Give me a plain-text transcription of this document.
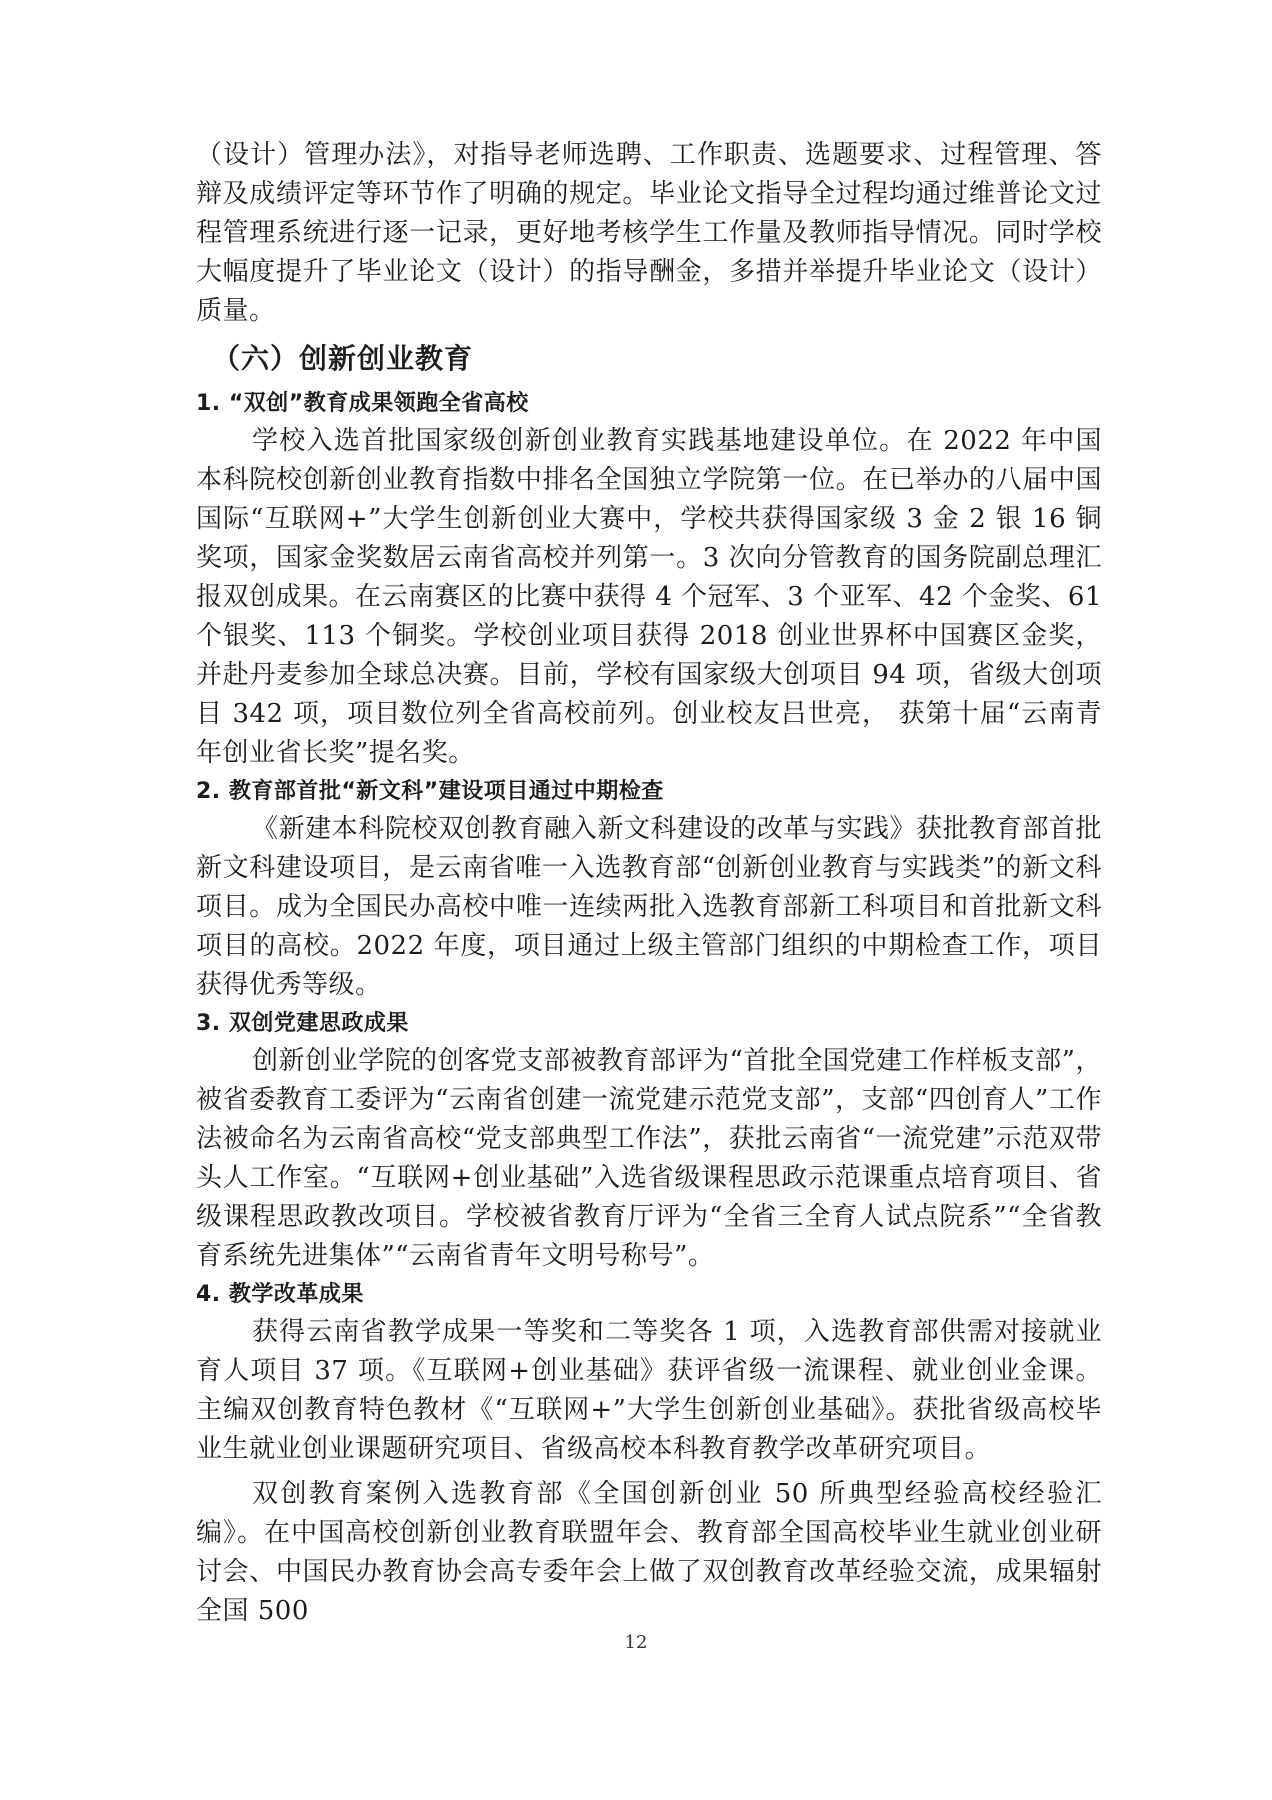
（设计）管理办法》，对指导老师选聘、工作职责、选题要求、过程管理、答辩及成绩评定等环节作了明确的规定。毕业论文指导全过程均通过维普论文过程管理系统进行逐一记录，更好地考核学生工作量及教师指导情况。同时学校大幅度提升了毕业论文（设计）的指导酬金，多措并举提升毕业论文（设计）质量。

（六）创新创业教育
1. “双创”教育成果领跑全省高校

学校入选首批国家级创新创业教育实践基地建设单位。在 2022 年中国本科院校创新创业教育指数中排名全国独立学院第一位。在已举办的八届中国国际“互联网+”大学生创新创业大赛中，学校共获得国家级 3 金 2 银 16 铜奖项，国家金奖数居云南省高校并列第一。3 次向分管教育的国务院副总理汇报双创成果。在云南赛区的比赛中获得 4 个冠军、3 个亚军、42 个金奖、61 个银奖、113 个铜奖。学校创业项目获得 2018 创业世界杯中国赛区金奖，并赴丹麦参加全球总决赛。目前，学校有国家级大创项目 94 项，省级大创项目 342 项，项目数位列全省高校前列。创业校友吕世亮， 获第十届“云南青年创业省长奖”提名奖。

2. 教育部首批“新文科”建设项目通过中期检查

《新建本科院校双创教育融入新文科建设的改革与实践》获批教育部首批新文科建设项目，是云南省唯一入选教育部“创新创业教育与实践类”的新文科项目。成为全国民办高校中唯一连续两批入选教育部新工科项目和首批新文科项目的高校。2022 年度，项目通过上级主管部门组织的中期检查工作，项目获得优秀等级。

3. 双创党建思政成果

创新创业学院的创客党支部被教育部评为“首批全国党建工作样板支部”，被省委教育工委评为“云南省创建一流党建示范党支部”，支部“四创育人”工作法被命名为云南省高校“党支部典型工作法”，获批云南省“一流党建”示范双带头人工作室。“互联网+创业基础”入选省级课程思政示范课重点培育项目、省级课程思政教改项目。学校被省教育厅评为“全省三全育人试点院系”“全省教育系统先进集体”“云南省青年文明号称号”。

4. 教学改革成果

获得云南省教学成果一等奖和二等奖各 1 项，入选教育部供需对接就业育人项目 37 项。《互联网+创业基础》获评省级一流课程、就业创业金课。主编双创教育特色教材《“互联网+”大学生创新创业基础》。获批省级高校毕业生就业创业课题研究项目、省级高校本科教育教学改革研究项目。

双创教育案例入选教育部《全国创新创业 50 所典型经验高校经验汇编》。在中国高校创新创业教育联盟年会、教育部全国高校毕业生就业创业研讨会、中国民办教育协会高专委年会上做了双创教育改革经验交流，成果辐射全国 500

12
